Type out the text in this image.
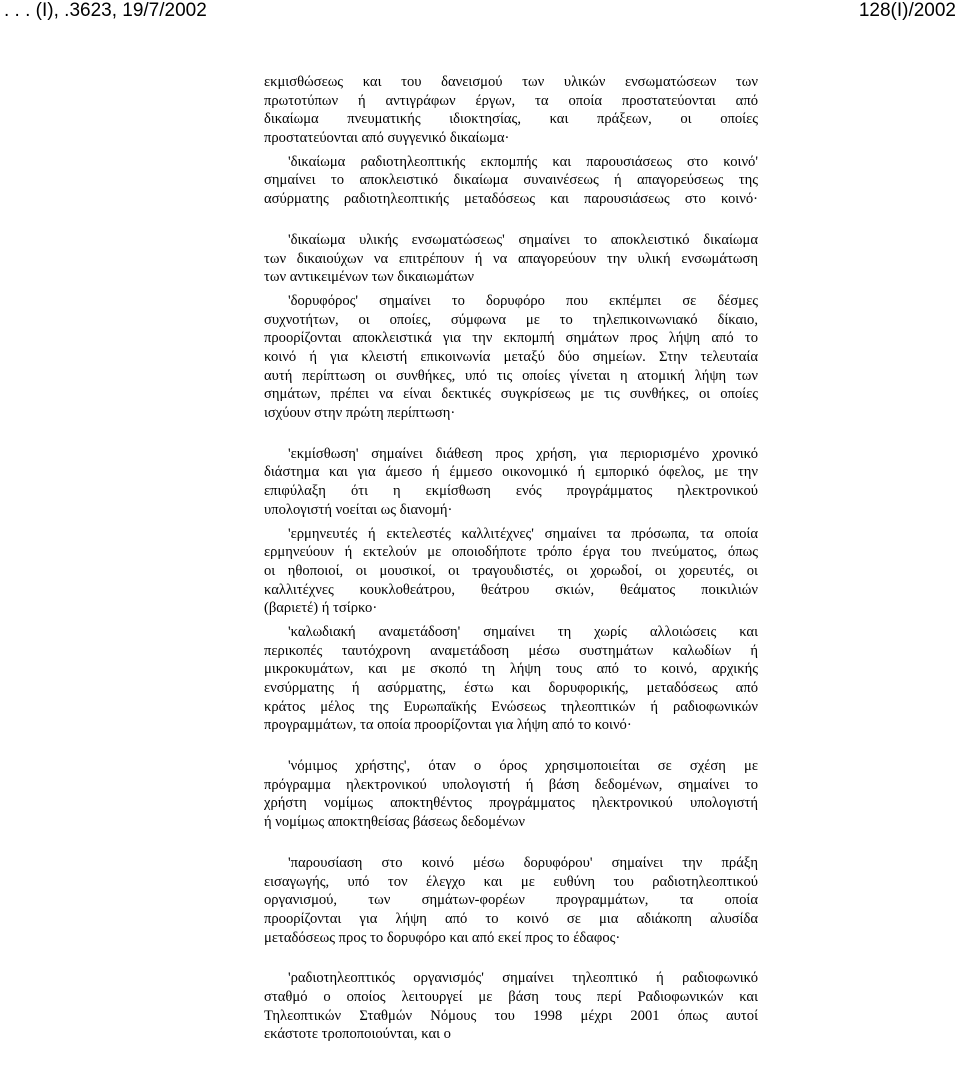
. . . (I), .3623, 19/7/2002	128(I)/2002
εκμισθώσεως και του δανεισμού των υλικών ενσωματώσεων των
πρωτοτύπων ή αντιγράφων έργων, τα οποία προστατεύονται από
δικαίωμα πνευματικής ιδιοκτησίας, και πράξεων, οι οποίες
προστατεύονται από συγγενικό δικαίωμα·
'δικαίωμα ραδιοτηλεοπτικής εκπομπής και παρουσιάσεως στο κοινό'
σημαίνει το αποκλειστικό δικαίωμα συναινέσεως ή απαγορεύσεως της
ασύρματης ραδιοτηλεοπτικής μεταδόσεως και παρουσιάσεως στο κοινό·
'δικαίωμα υλικής ενσωματώσεως' σημαίνει το αποκλειστικό δικαίωμα
των δικαιούχων να επιτρέπουν ή να απαγορεύουν την υλική ενσωμάτωση
των αντικειμένων των δικαιωμάτων
'δορυφόρος' σημαίνει το δορυφόρο που εκπέμπει σε δέσμες
συχνοτήτων, οι οποίες, σύμφωνα με το τηλεπικοινωνιακό δίκαιο,
προορίζονται αποκλειστικά για την εκπομπή σημάτων προς λήψη από το
κοινό ή για κλειστή επικοινωνία μεταξύ δύο σημείων. Στην τελευταία
αυτή περίπτωση οι συνθήκες, υπό τις οποίες γίνεται η ατομική λήψη των
σημάτων, πρέπει να είναι δεκτικές συγκρίσεως με τις συνθήκες, οι οποίες
ισχύουν στην πρώτη περίπτωση·
'εκμίσθωση' σημαίνει διάθεση προς χρήση, για περιορισμένο χρονικό
διάστημα και για άμεσο ή έμμεσο οικονομικό ή εμπορικό όφελος, με την
επιφύλαξη ότι η εκμίσθωση ενός προγράμματος ηλεκτρονικού
υπολογιστή νοείται ως διανομή·
'ερμηνευτές ή εκτελεστές καλλιτέχνες' σημαίνει τα πρόσωπα, τα οποία
ερμηνεύουν ή εκτελούν με οποιοδήποτε τρόπο έργα του πνεύματος, όπως
οι ηθοποιοί, οι μουσικοί, οι τραγουδιστές, οι χορωδοί, οι χορευτές, οι
καλλιτέχνες κουκλοθεάτρου, θεάτρου σκιών, θεάματος ποικιλιών
(βαριετέ) ή τσίρκο·
'καλωδιακή αναμετάδοση' σημαίνει τη χωρίς αλλοιώσεις και
περικοπές ταυτόχρονη αναμετάδοση μέσω συστημάτων καλωδίων ή
μικροκυμάτων, και με σκοπό τη λήψη τους από το κοινό, αρχικής
ενσύρματης ή ασύρματης, έστω και δορυφορικής, μεταδόσεως από
κράτος μέλος της Ευρωπαϊκής Ενώσεως τηλεοπτικών ή ραδιοφωνικών
προγραμμάτων, τα οποία προορίζονται για λήψη από το κοινό·
'νόμιμος χρήστης', όταν ο όρος χρησιμοποιείται σε σχέση με
πρόγραμμα ηλεκτρονικού υπολογιστή ή βάση δεδομένων, σημαίνει το
χρήστη νομίμως αποκτηθέντος προγράμματος ηλεκτρονικού υπολογιστή
ή νομίμως αποκτηθείσας βάσεως δεδομένων
'παρουσίαση στο κοινό μέσω δορυφόρου' σημαίνει την πράξη
εισαγωγής, υπό τον έλεγχο και με ευθύνη του ραδιοτηλεοπτικού
οργανισμού, των σημάτων-φορέων προγραμμάτων, τα οποία
προορίζονται για λήψη από το κοινό σε μια αδιάκοπη αλυσίδα
μεταδόσεως προς το δορυφόρο και από εκεί προς το έδαφος·
'ραδιοτηλεοπτικός οργανισμός' σημαίνει τηλεοπτικό ή ραδιοφωνικό
σταθμό ο οποίος λειτουργεί με βάση τους περί Ραδιοφωνικών και
Τηλεοπτικών Σταθμών Νόμους του 1998 μέχρι 2001 όπως αυτοί
εκάστοτε τροποποιούνται, και ο
